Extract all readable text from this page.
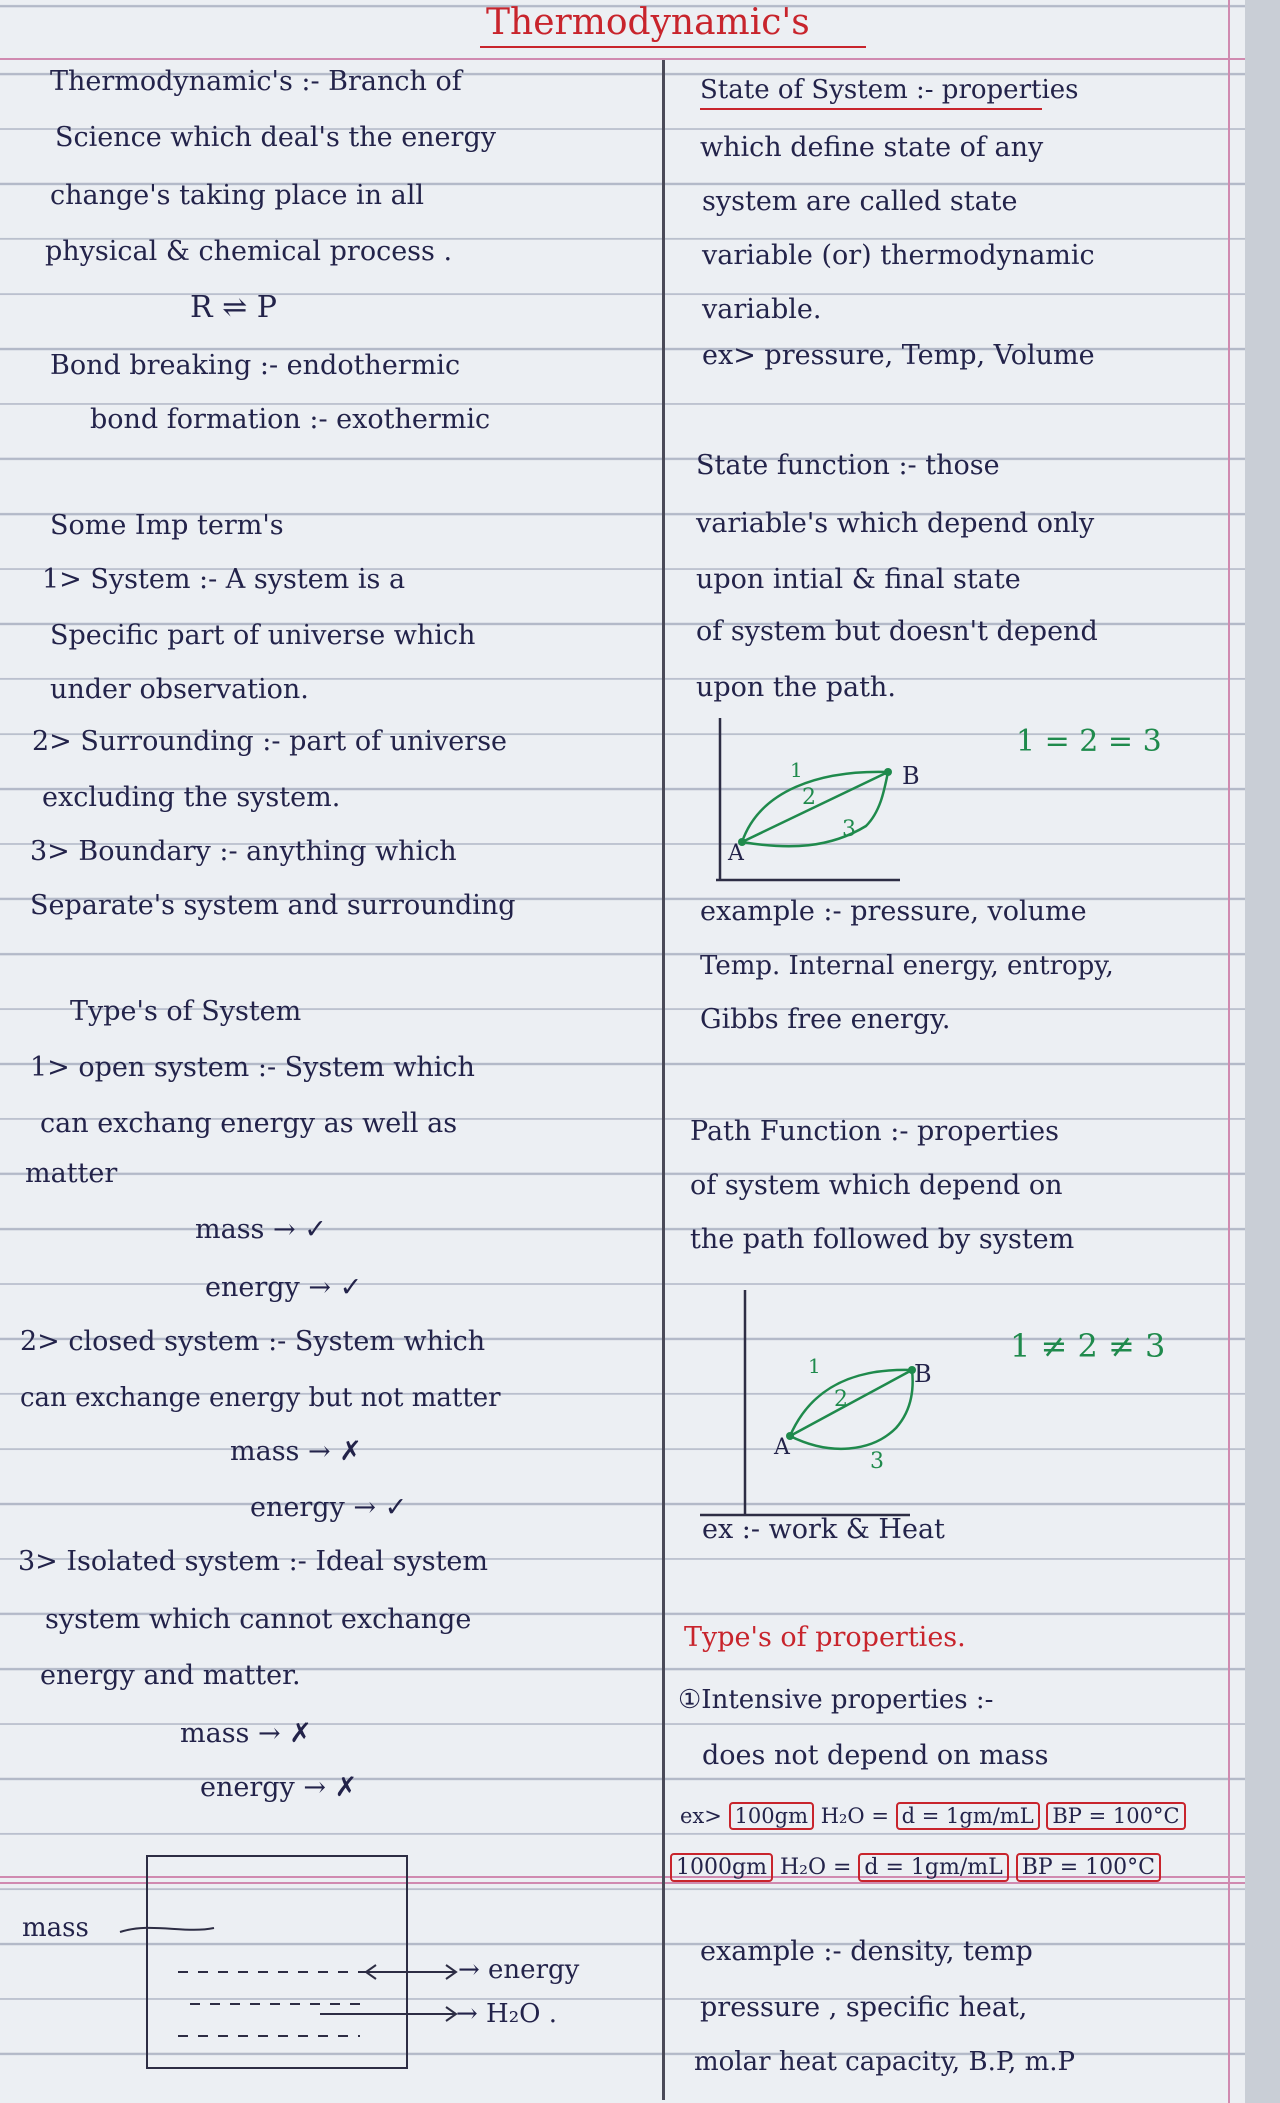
Thermodynamic's
Thermodynamic's :- Branch of
Science which deal's the energy
change's taking place in all
physical & chemical process .
R ⇌ P
Bond breaking :- endothermic
bond formation :- exothermic
Some Imp term's
1> System :- A system is a
Specific part of universe which
under observation.
2> Surrounding :- part of universe
excluding the system.
3> Boundary :- anything which
Separate's system and surrounding
Type's of System
1> open system :- System which
can exchang energy as well as
matter
mass → ✓
energy → ✓
2> closed system :- System which
can exchange energy but not matter
mass → ✗
energy → ✓
3> Isolated system :- Ideal system
system which cannot exchange
energy and matter.
mass → ✗
energy → ✗
mass
→ energy
→ H₂O .
State of System :- properties
which define state of any
system are called state
variable (or) thermodynamic
variable.
ex> pressure, Temp, Volume
State function :- those
variable's which depend only
upon intial & final state
of system but doesn't depend
upon the path.
A
B
1
2
3
1 = 2 = 3
example :- pressure, volume
Temp. Internal energy, entropy,
Gibbs free energy.
Path Function :- properties
of system which depend on
the path followed by system
A
B
1
2
3
1 ≠ 2 ≠ 3
ex :- work & Heat
Type's of properties.
①Intensive properties :-
does not depend on mass
ex> 100gm H₂O = d = 1gm/mL BP = 100°C
1000gm H₂O = d = 1gm/mL BP = 100°C
example :- density, temp
pressure , specific heat,
molar heat capacity, B.P, m.P
